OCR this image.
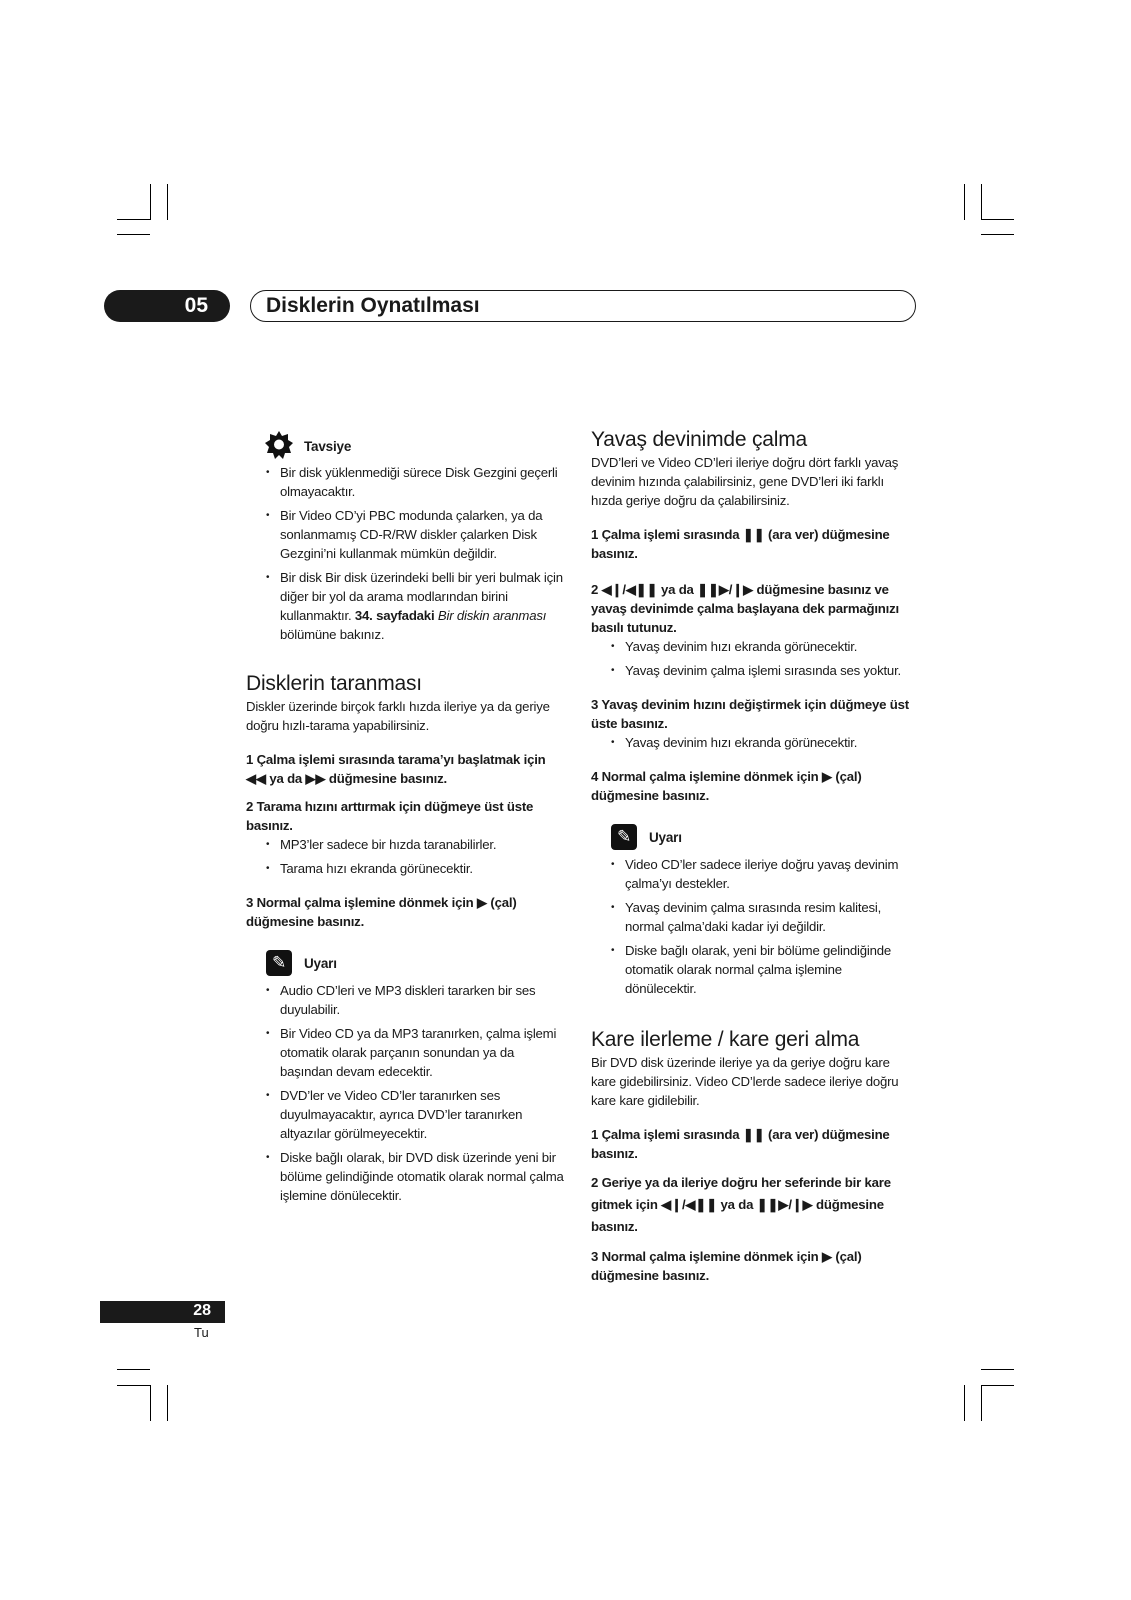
05	Disklerin Oynatılması
Tavsiye
• Bir disk yüklenmediği sürece Disk Gezgini geçerli olmayacaktır.
• Bir Video CD’yi PBC modunda çalarken, ya da sonlanmamış CD-R/RW diskler çalarken Disk Gezgini’ni kullanmak mümkün değildir.
• Bir disk Bir disk üzerindeki belli bir yeri bulmak için diğer bir yol da arama modlarından birini kullanmaktır. 34. sayfadaki Bir diskin aranması bölümüne bakınız.
Disklerin taranması

Diskler üzerinde birçok farklı hızda ileriye ya da geriye doğru hızlı-tarama yapabilirsiniz.

1 Çalma işlemi sırasında tarama’yı başlatmak için ◀◀ ya da ▶▶ düğmesine basınız.

2 Tarama hızını arttırmak için düğmeye üst üste basınız.

• MP3’ler sadece bir hızda taranabilirler.
• Tarama hızı ekranda görünecektir.

3 Normal çalma işlemine dönmek için ▶ (çal) düğmesine basınız.

✎	Uyarı
• Audio CD’leri ve MP3 diskleri tararken bir ses duyulabilir.
• Bir Video CD ya da MP3 taranırken, çalma işlemi otomatik olarak parçanın sonundan ya da başından devam edecektir.
• DVD’ler ve Video CD’ler taranırken ses duyulmayacaktır, ayrıca DVD’ler taranırken altyazılar görülmeyecektir.
• Diske bağlı olarak, bir DVD disk üzerinde yeni bir bölüme gelindiğinde otomatik olarak normal çalma işlemine dönülecektir.
Yavaş devinimde çalma

DVD’leri ve Video CD’leri ileriye doğru dört farklı yavaş devinim hızında çalabilirsiniz, gene DVD’leri iki farklı hızda geriye doğru da çalabilirsiniz.

1 Çalma işlemi sırasında ❚❚ (ara ver) düğmesine basınız.

2 ◀❙/◀❚❚ ya da ❚❚▶/❙▶ düğmesine basınız ve yavaş devinimde çalma başlayana dek parmağınızı basılı tutunuz.

• Yavaş devinim hızı ekranda görünecektir.
• Yavaş devinim çalma işlemi sırasında ses yoktur.

3 Yavaş devinim hızını değiştirmek için düğmeye üst üste basınız.

• Yavaş devinim hızı ekranda görünecektir.

4 Normal çalma işlemine dönmek için ▶ (çal) düğmesine basınız.

✎	Uyarı
• Video CD’ler sadece ileriye doğru yavaş devinim çalma’yı destekler.
• Yavaş devinim çalma sırasında resim kalitesi, normal çalma’daki kadar iyi değildir.
• Diske bağlı olarak, yeni bir bölüme gelindiğinde otomatik olarak normal çalma işlemine dönülecektir.
Kare ilerleme / kare geri alma

Bir DVD disk üzerinde ileriye ya da geriye doğru kare kare gidebilirsiniz. Video CD’lerde sadece ileriye doğru kare kare gidilebilir.

1 Çalma işlemi sırasında ❚❚ (ara ver) düğmesine basınız.

2 Geriye ya da ileriye doğru her seferinde bir kare gitmek için ◀❙/◀❚❚ ya da ❚❚▶/❙▶ düğmesine basınız.

3 Normal çalma işlemine dönmek için ▶ (çal) düğmesine basınız.

28
Tu
